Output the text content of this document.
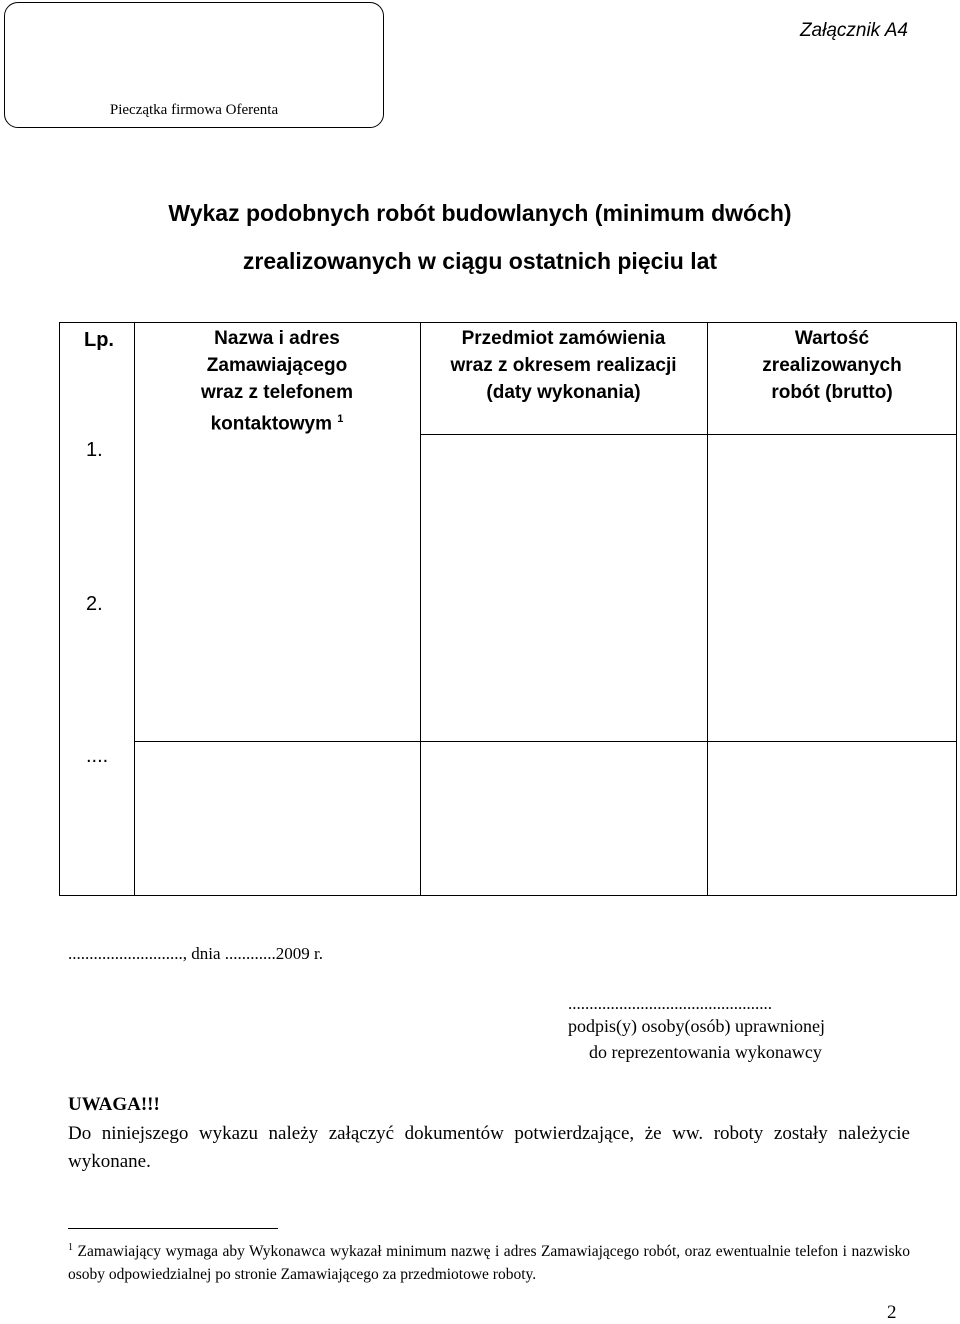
Pieczątka firmowa Oferenta
Załącznik A4
Wykaz podobnych robót budowlanych (minimum dwóch)
zrealizowanych w ciągu ostatnich pięciu lat
Lp.	Nazwa i adres
Zamawiającego
wraz z telefonem
kontaktowym $^1$
Przedmiot zamówienia
wraz z okresem realizacji
(daty wykonania)
Wartość
zrealizowanych
robót (brutto)
1.
2.
....
..........................., dnia ............2009 r.
................................................
podpis(y) osoby(osób) uprawnionej
do reprezentowania wykonawcy
UWAGA!!!
Do niniejszego wykazu należy załączyć dokumentów potwierdzające, że ww. roboty zostały należycie wykonane.
$^1$ Zamawiający wymaga aby Wykonawca wykazał minimum nazwę i adres Zamawiającego robót, oraz ewentualnie telefon i nazwisko osoby odpowiedzialnej po stronie Zamawiającego za przedmiotowe roboty.
2
